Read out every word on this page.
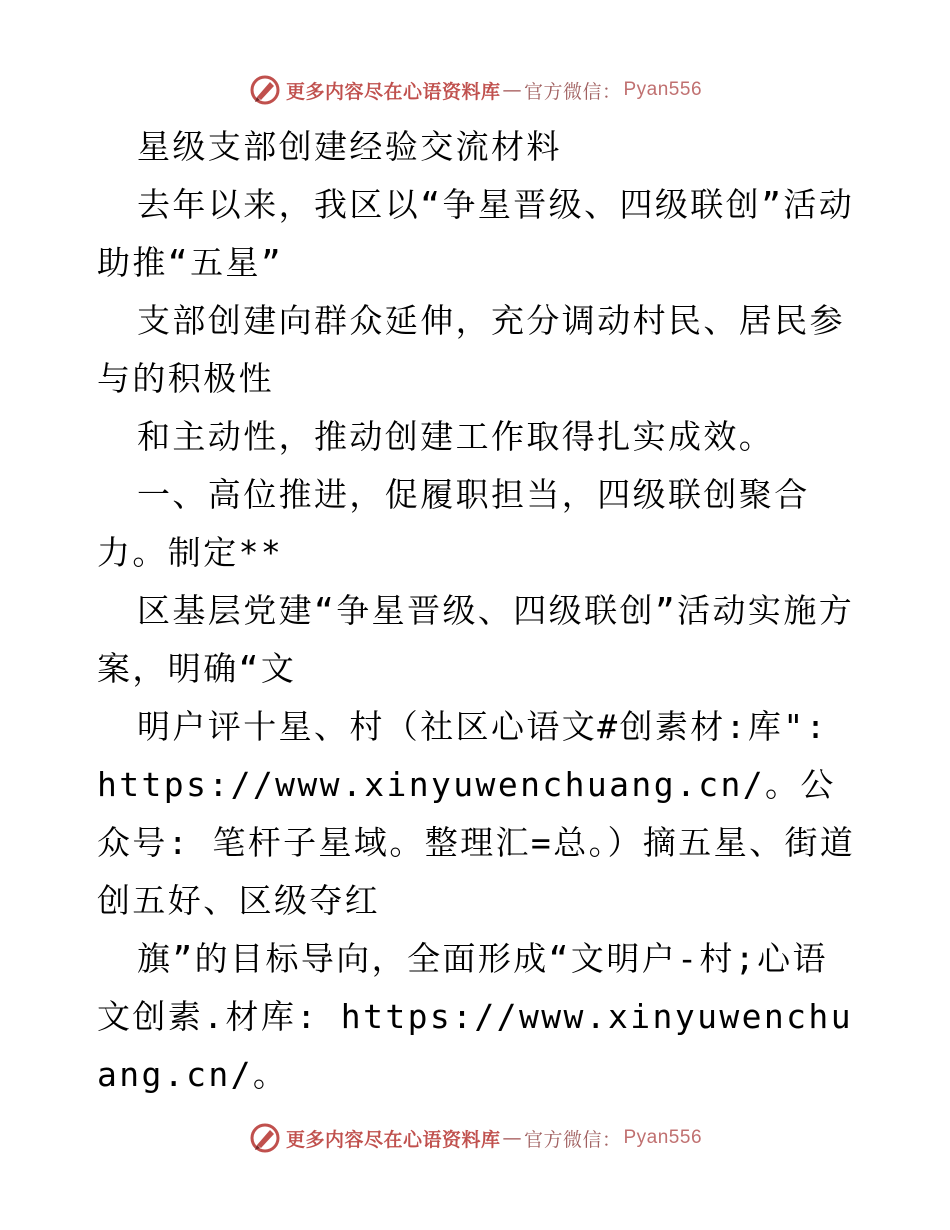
更多内容尽在心语资料库 — 官方微信： Pyan556

星级支部创建经验交流材料

去年以来，我区以“争星晋级、四级联创”活动助推“五星”

支部创建向群众延伸，充分调动村民、居民参与的积极性

和主动性，推动创建工作取得扎实成效。

一、高位推进，促履职担当，四级联创聚合力。制定**

区基层党建“争星晋级、四级联创”活动实施方案，明确“文

明户评十星、村（社区心语文#创素材:库": https://www.xinyuwenchuang.cn/。公众号: 笔杆子星域。整理汇=总。）摘五星、街道创五好、区级夺红

旗”的目标导向，全面形成“文明户-村;心语文创素.材库: https://www.xinyuwenchuang.cn/。

更多内容尽在心语资料库 — 官方微信： Pyan556
